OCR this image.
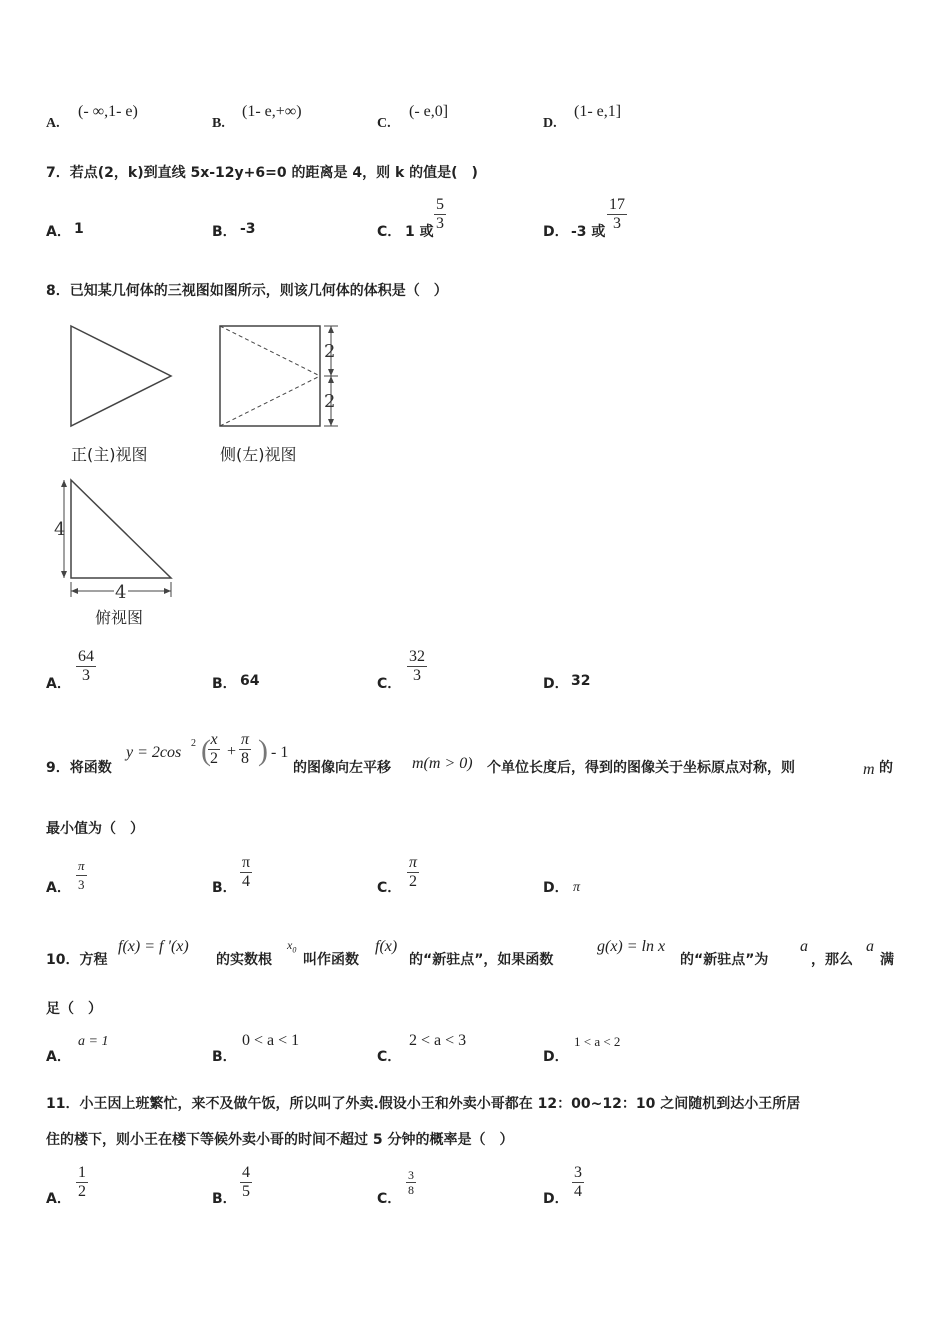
A.
(- ∞,1- e)
B.
(1- e,+∞)
C.
(- e,0]
D.
(1- e,1]
7．若点(2，k)到直线 5x-12y+6=0 的距离是 4，则 k 的值是(　)
A． 1	B． -3	C． 1 或 $\frac{5}{3}$	D． -3 或 $\frac{17}{3}$
8．已知某几何体的三视图如图所示，则该几何体的体积是（　）
2
2
4
4
正(主)视图	侧(左)视图
俯视图
A． $\frac{64}{3}$	B． 64	C． $\frac{32}{3}$	D． 32
9．将函数
y = 2cos
2 (
$\frac{x}{2} + \frac{\pi}{8}$ ) - 1
的图像向左平移 m(m > 0) 个单位长度后，得到的图像关于坐标原点对称，则	m 的
最小值为（　）
A． $\frac{\pi}{3}$	B． $\frac{\pi}{4}$	C． $\frac{\pi}{2}$	D． π
10．方程
f(x) = f ′(x)
的实数根
$x_0$
叫作函数
f(x)
的“新驻点”，如果函数
g(x) = ln x
的“新驻点”为
a
，那么
a
满
足（　）
A．
a = 1
B．
0 < a < 1
C．
2 < a < 3
D．
1 < a < 2
11．小王因上班繁忙，来不及做午饭，所以叫了外卖.假设小王和外卖小哥都在 12：00~12：10 之间随机到达小王所居
住的楼下，则小王在楼下等候外卖小哥的时间不超过 5 分钟的概率是（　）
A． $\frac{1}{2}$	B． $\frac{4}{5}$	C．
$\frac{3}{8}$
D． $\frac{3}{4}$
